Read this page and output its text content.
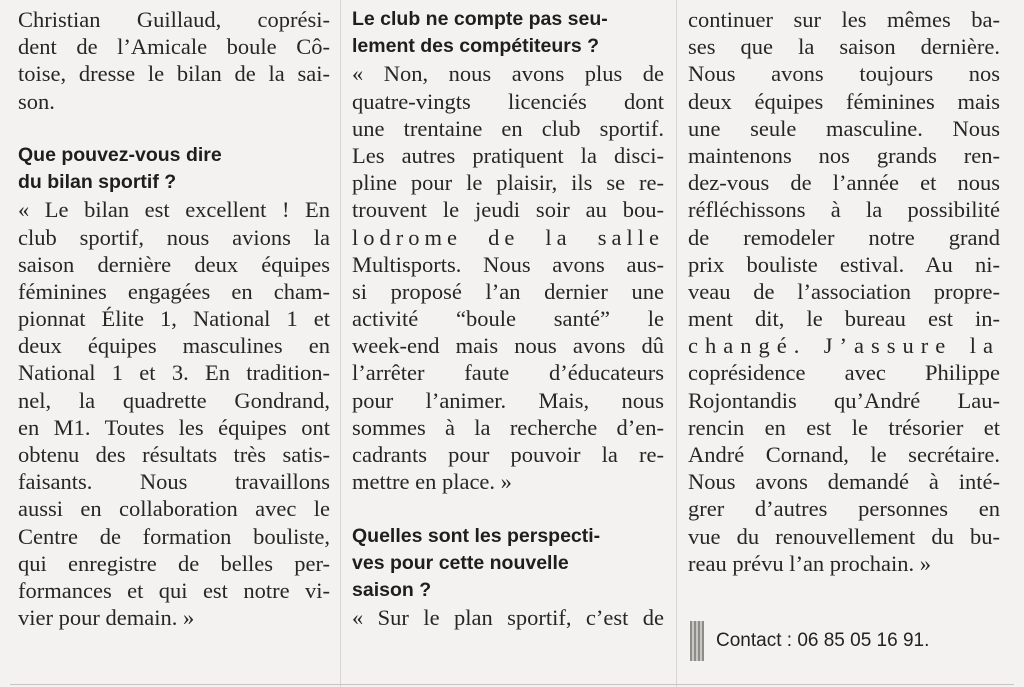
Christian Guillaud, coprési-
dent de l’Amicale boule Cô-
toise, dresse le bilan de la sai-
son.
Que pouvez-vous dire
du bilan sportif ?
« Le bilan est excellent ! En
club sportif, nous avions la
saison dernière deux équipes
féminines engagées en cham-
pionnat Élite 1, National 1 et
deux équipes masculines en
National 1 et 3. En tradition-
nel, la quadrette Gondrand,
en M1. Toutes les équipes ont
obtenu des résultats très satis-
faisants. Nous travaillons
aussi en collaboration avec le
Centre de formation bouliste,
qui enregistre de belles per-
formances et qui est notre vi-
vier pour demain. »
Le club ne compte pas seu-
lement des compétiteurs ?
« Non, nous avons plus de
quatre-vingts licenciés dont
une trentaine en club sportif.
Les autres pratiquent la disci-
pline pour le plaisir, ils se re-
trouvent le jeudi soir au bou-
lodrome de la salle
Multisports. Nous avons aus-
si proposé l’an dernier une
activité “boule santé” le
week-end mais nous avons dû
l’arrêter faute d’éducateurs
pour l’animer. Mais, nous
sommes à la recherche d’en-
cadrants pour pouvoir la re-
mettre en place. »
Quelles sont les perspecti-
ves pour cette nouvelle
saison ?
« Sur le plan sportif, c’est de
continuer sur les mêmes ba-
ses que la saison dernière.
Nous avons toujours nos
deux équipes féminines mais
une seule masculine. Nous
maintenons nos grands ren-
dez-vous de l’année et nous
réfléchissons à la possibilité
de remodeler notre grand
prix bouliste estival. Au ni-
veau de l’association propre-
ment dit, le bureau est in-
changé. J’assure la
coprésidence avec Philippe
Rojontandis qu’André Lau-
rencin en est le trésorier et
André Cornand, le secrétaire.
Nous avons demandé à inté-
grer d’autres personnes en
vue du renouvellement du bu-
reau prévu l’an prochain. »
Contact : 06 85 05 16 91.
